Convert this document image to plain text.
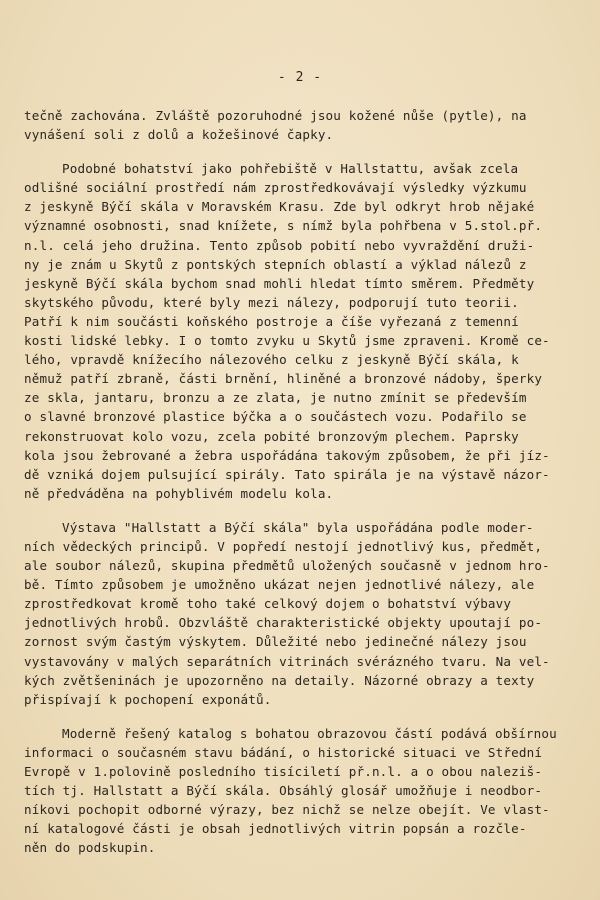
- 2 -
tečně zachována. Zvláště pozoruhodné jsou kožené nůše (pytle), na
vynášení soli z dolů a kožešinové čapky.
Podobné bohatství jako pohřebiště v Hallstattu, avšak zcela
odlišné sociální prostředí nám zprostředkovávají výsledky výzkumu
z jeskyně Býčí skála v Moravském Krasu. Zde byl odkryt hrob nějaké
významné osobnosti, snad knížete, s nímž byla pohřbena v 5.stol.př.
n.l. celá jeho družina. Tento způsob pobití nebo vyvraždění druži-
ny je znám u Skytů z pontských stepních oblastí a výklad nálezů z
jeskyně Býčí skála bychom snad mohli hledat tímto směrem. Předměty
skytského původu, které byly mezi nálezy, podporují tuto teorii.
Patří k nim součásti koňského postroje a číše vyřezaná z temenní
kosti lidské lebky. I o tomto zvyku u Skytů jsme zpraveni. Kromě ce-
lého, vpravdě knížecího nálezového celku z jeskyně Býčí skála, k
němuž patří zbraně, části brnění, hliněné a bronzové nádoby, šperky
ze skla, jantaru, bronzu a ze zlata, je nutno zmínit se především
o slavné bronzové plastice býčka a o součástech vozu. Podařilo se
rekonstruovat kolo vozu, zcela pobité bronzovým plechem. Paprsky
kola jsou žebrované a žebra uspořádána takovým způsobem, že při jíz-
dě vzniká dojem pulsující spirály. Tato spirála je na výstavě názor-
ně předváděna na pohyblivém modelu kola.
Výstava "Hallstatt a Býčí skála" byla uspořádána podle moder-
ních vědeckých principů. V popředí nestojí jednotlivý kus, předmět,
ale soubor nálezů, skupina předmětů uložených současně v jednom hro-
bě. Tímto způsobem je umožněno ukázat nejen jednotlivé nálezy, ale
zprostředkovat kromě toho také celkový dojem o bohatství výbavy
jednotlivých hrobů. Obzvláště charakteristické objekty upoutají po-
zornost svým častým výskytem. Důležité nebo jedinečné nálezy jsou
vystavovány v malých separátních vitrinách svérázného tvaru. Na vel-
kých zvětšeninách je upozorněno na detaily. Názorné obrazy a texty
přispívají k pochopení exponátů.
Moderně řešený katalog s bohatou obrazovou částí podává obšírnou
informaci o současném stavu bádání, o historické situaci ve Střední
Evropě v 1.polovině posledního tisíciletí př.n.l. a o obou naleziš-
tích tj. Hallstatt a Býčí skála. Obsáhlý glosář umožňuje i neodbor-
níkovi pochopit odborné výrazy, bez nichž se nelze obejít. Ve vlast-
ní katalogové části je obsah jednotlivých vitrin popsán a rozčle-
něn do podskupin.
